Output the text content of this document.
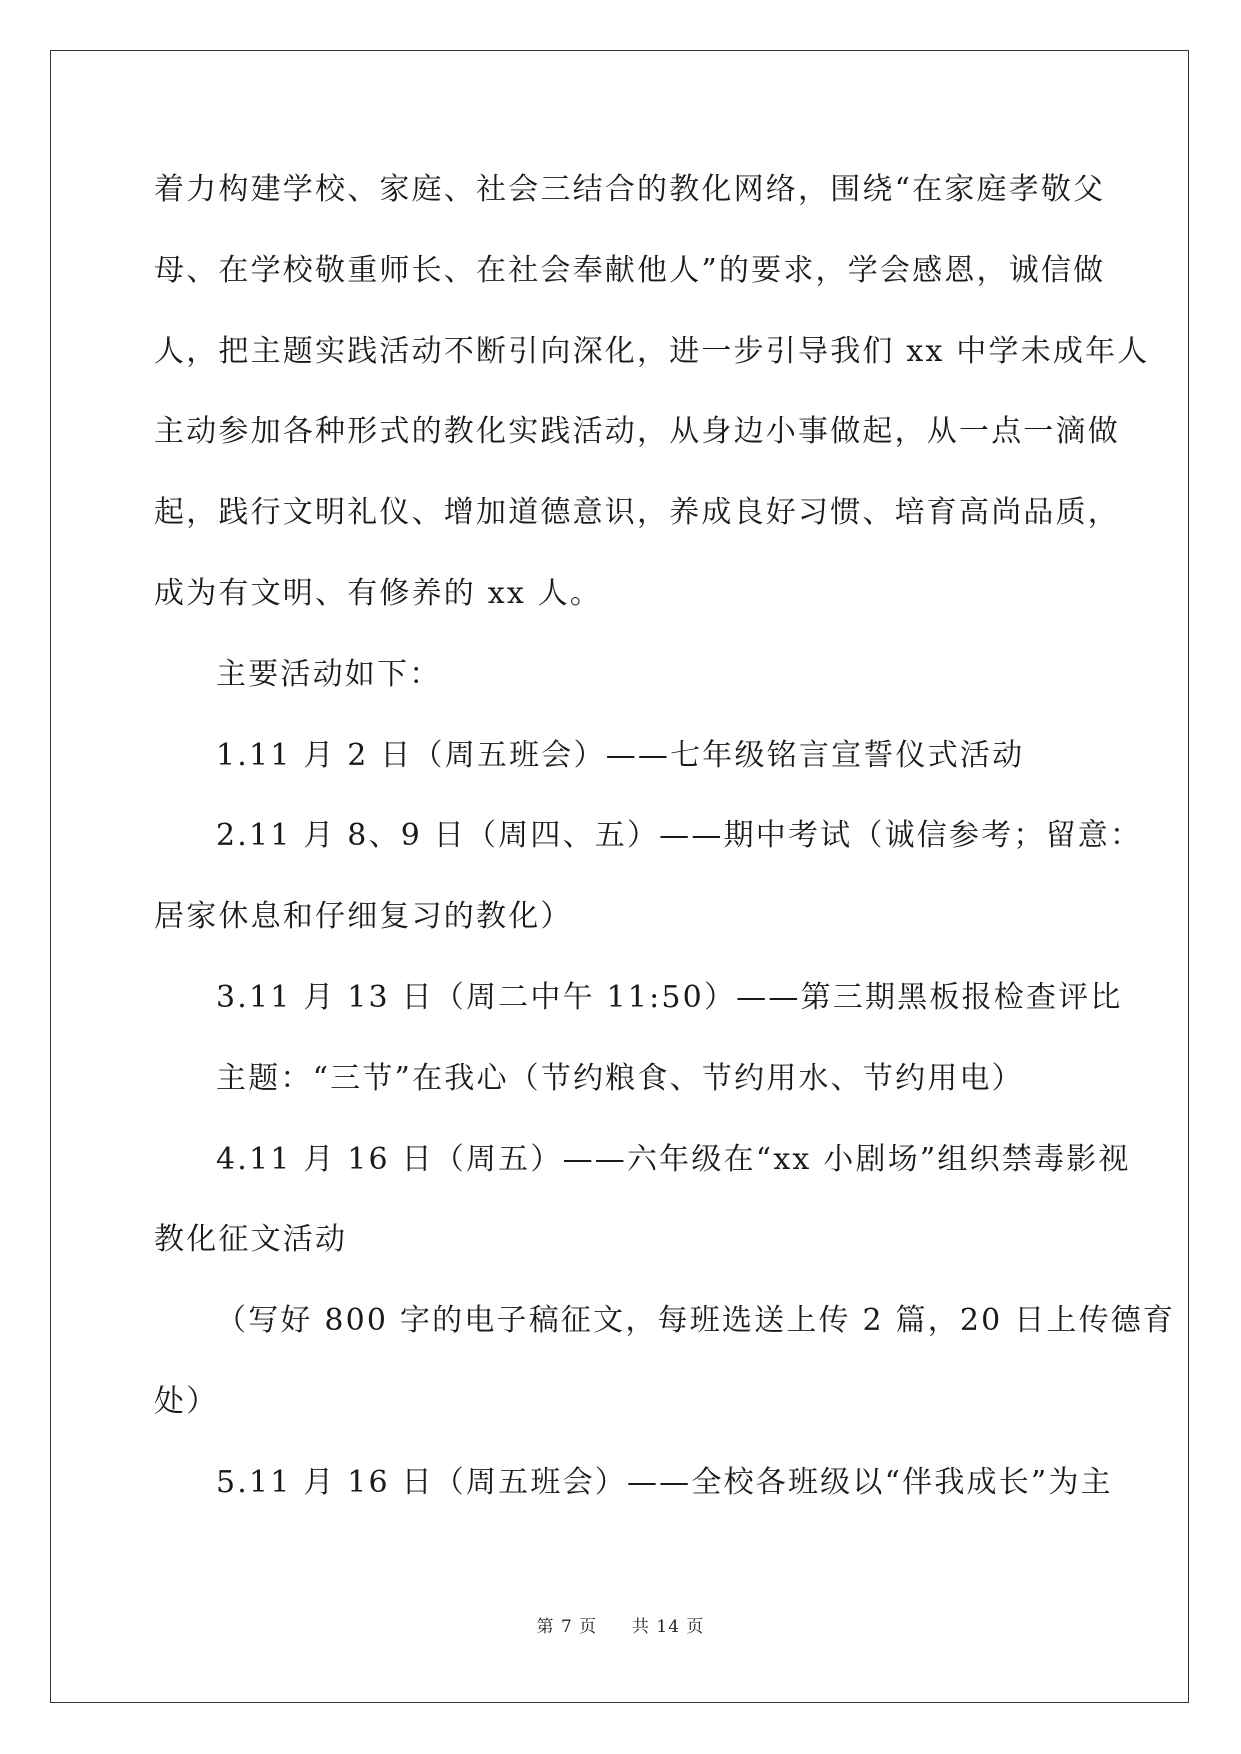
着力构建学校、家庭、社会三结合的教化网络，围绕“在家庭孝敬父
母、在学校敬重师长、在社会奉献他人”的要求，学会感恩，诚信做
人，把主题实践活动不断引向深化，进一步引导我们 xx 中学未成年人
主动参加各种形式的教化实践活动，从身边小事做起，从一点一滴做
起，践行文明礼仪、增加道德意识，养成良好习惯、培育高尚品质，
成为有文明、有修养的 xx 人。
主要活动如下：
1.11 月 2 日（周五班会）——七年级铭言宣誓仪式活动
2.11 月 8、9 日（周四、五）——期中考试（诚信参考；留意：
居家休息和仔细复习的教化）
3.11 月 13 日（周二中午 11:50）——第三期黑板报检查评比
主题：“三节”在我心（节约粮食、节约用水、节约用电）
4.11 月 16 日（周五）——六年级在“xx 小剧场”组织禁毒影视
教化征文活动
（写好 800 字的电子稿征文，每班选送上传 2 篇，20 日上传德育
处）
5.11 月 16 日（周五班会）——全校各班级以“伴我成长”为主
第 7 页 共 14 页
